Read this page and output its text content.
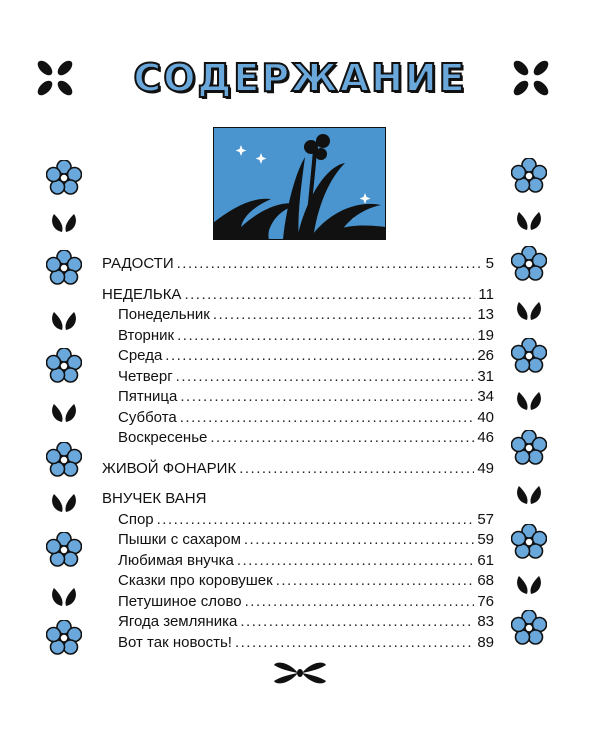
СОДЕРЖАНИЕ
РАДОСТИ .....	5
НЕДЕЛЬКА .....	11
Понедельник .....	13
Вторник .....	19
Среда .....	26
Четверг .....	31
Пятница .....	34
Суббота .....	40
Воскресенье .....	46
ЖИВОЙ ФОНАРИК .....	49
ВНУЧЕК ВАНЯ
Спор .....	57
Пышки с сахаром .....	59
Любимая внучка .....	61
Сказки про коровушек .....	68
Петушиное слово .....	76
Ягода земляника .....	83
Вот так новость! .....	89
